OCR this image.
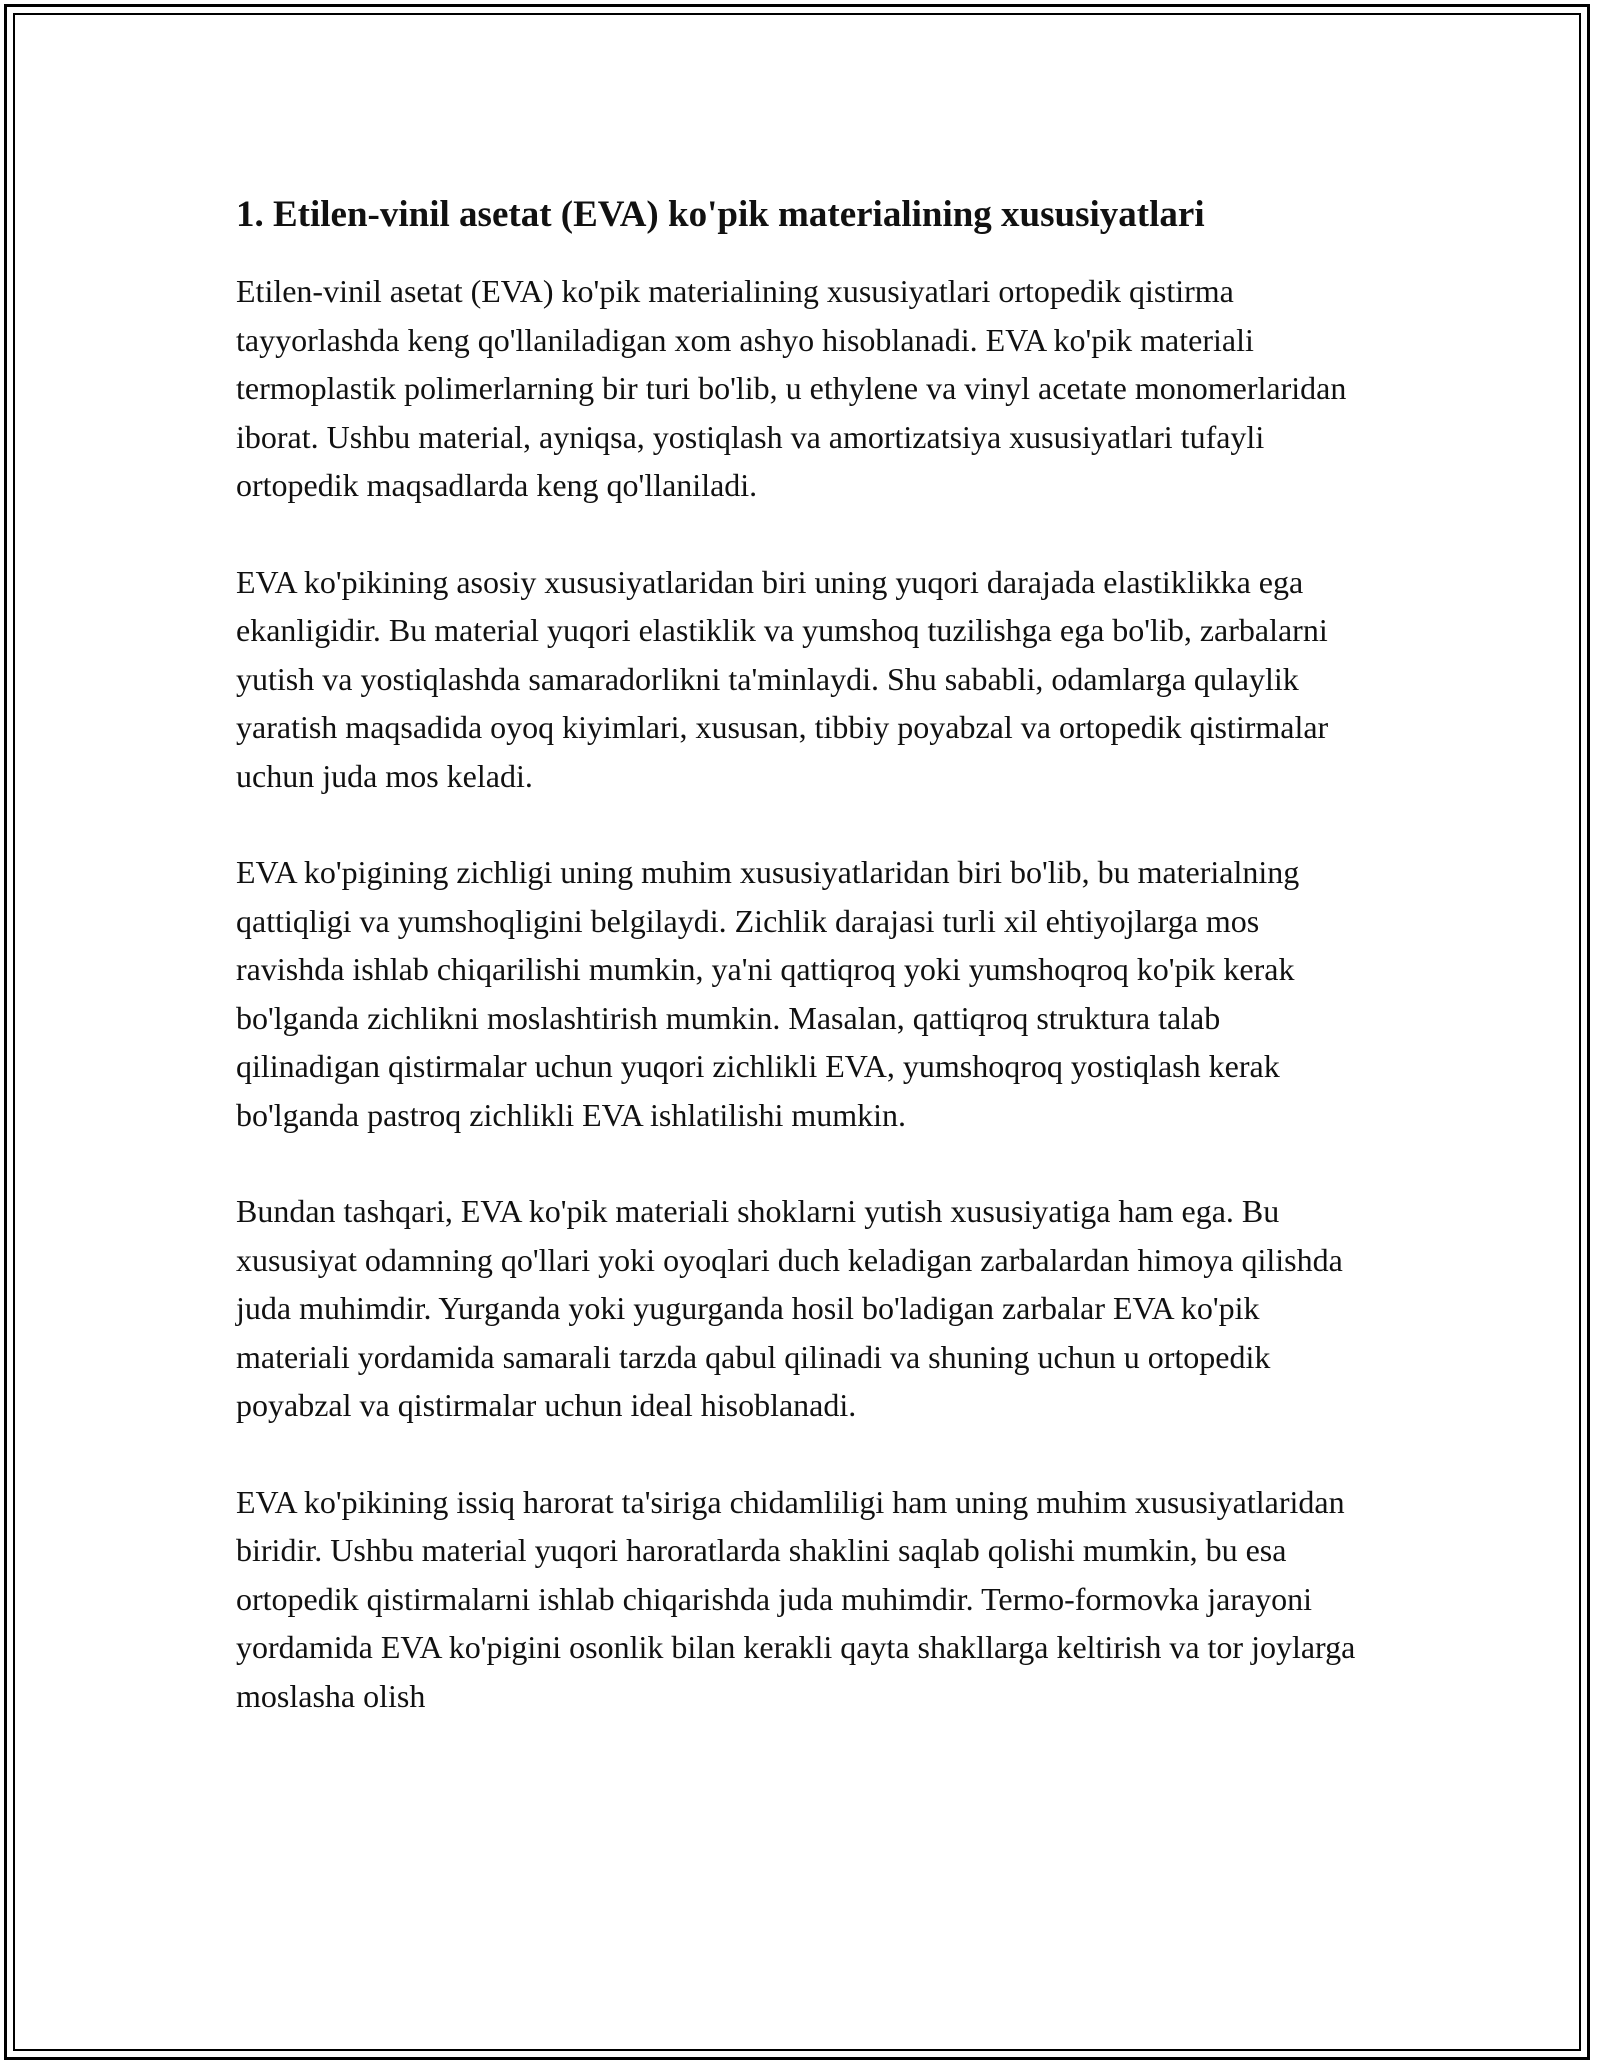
1. Etilen-vinil asetat (EVA) ko'pik materialining xususiyatlari

Etilen-vinil asetat (EVA) ko'pik materialining xususiyatlari ortopedik qistirma tayyorlashda keng qo'llaniladigan xom ashyo hisoblanadi. EVA ko'pik materiali termoplastik polimerlarning bir turi bo'lib, u ethylene va vinyl acetate monomerlaridan iborat. Ushbu material, ayniqsa, yostiqlash va amortizatsiya xususiyatlari tufayli ortopedik maqsadlarda keng qo'llaniladi.

EVA ko'pikining asosiy xususiyatlaridan biri uning yuqori darajada elastiklikka ega ekanligidir. Bu material yuqori elastiklik va yumshoq tuzilishga ega bo'lib, zarbalarni yutish va yostiqlashda samaradorlikni ta'minlaydi. Shu sababli, odamlarga qulaylik yaratish maqsadida oyoq kiyimlari, xususan, tibbiy poyabzal va ortopedik qistirmalar uchun juda mos keladi.

EVA ko'pigining zichligi uning muhim xususiyatlaridan biri bo'lib, bu materialning qattiqligi va yumshoqligini belgilaydi. Zichlik darajasi turli xil ehtiyojlarga mos ravishda ishlab chiqarilishi mumkin, ya'ni qattiqroq yoki yumshoqroq ko'pik kerak bo'lganda zichlikni moslashtirish mumkin. Masalan, qattiqroq struktura talab qilinadigan qistirmalar uchun yuqori zichlikli EVA, yumshoqroq yostiqlash kerak bo'lganda pastroq zichlikli EVA ishlatilishi mumkin.

Bundan tashqari, EVA ko'pik materiali shoklarni yutish xususiyatiga ham ega. Bu xususiyat odamning qo'llari yoki oyoqlari duch keladigan zarbalardan himoya qilishda juda muhimdir. Yurganda yoki yugurganda hosil bo'ladigan zarbalar EVA ko'pik materiali yordamida samarali tarzda qabul qilinadi va shuning uchun u ortopedik poyabzal va qistirmalar uchun ideal hisoblanadi.

EVA ko'pikining issiq harorat ta'siriga chidamliligi ham uning muhim xususiyatlaridan biridir. Ushbu material yuqori haroratlarda shaklini saqlab qolishi mumkin, bu esa ortopedik qistirmalarni ishlab chiqarishda juda muhimdir. Termo-formovka jarayoni yordamida EVA ko'pigini osonlik bilan kerakli qayta shakllarga keltirish va tor joylarga moslasha olish
